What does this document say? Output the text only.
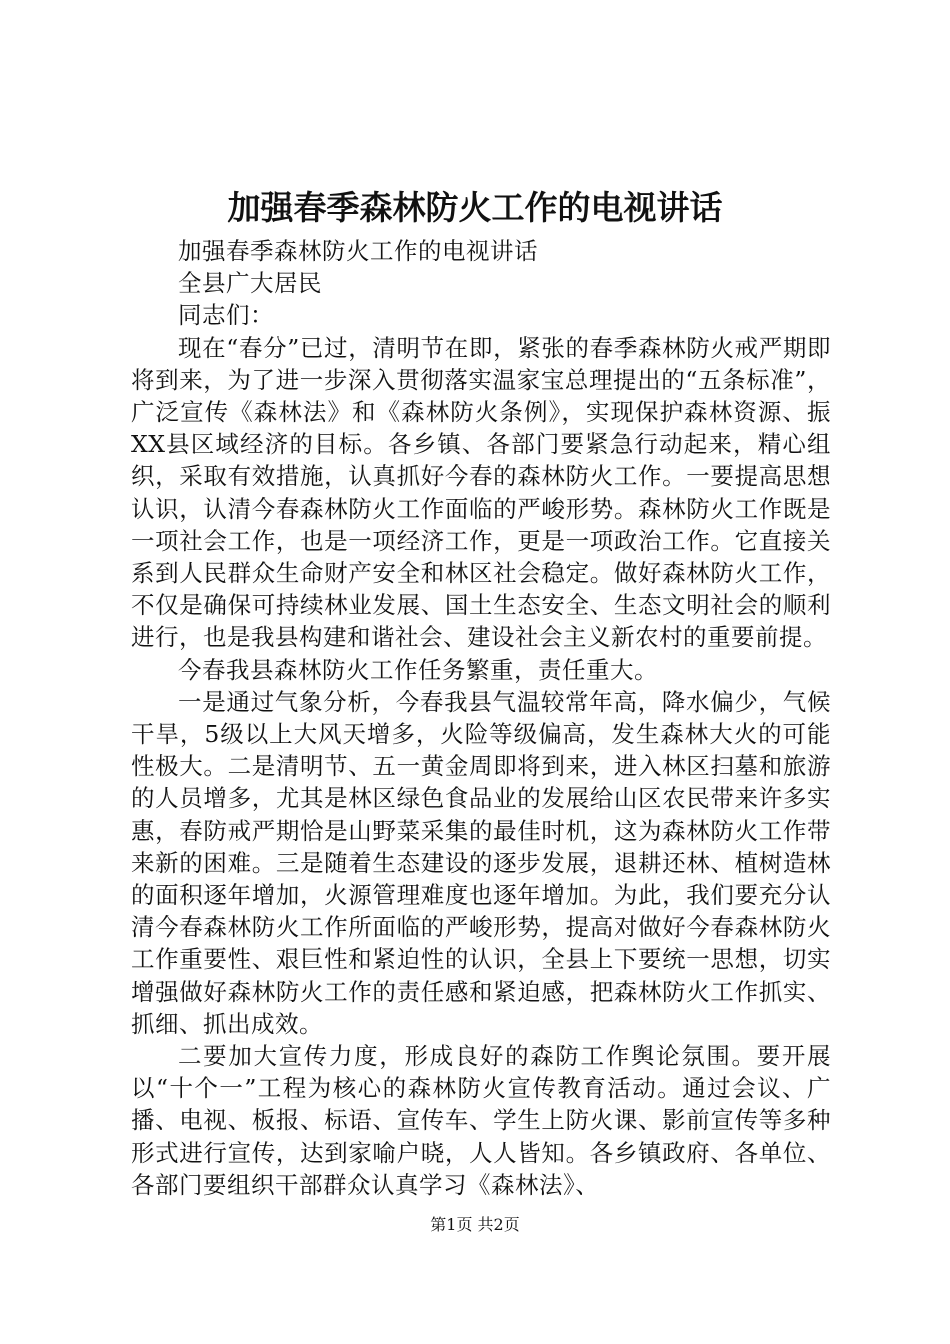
加强春季森林防火工作的电视讲话

加强春季森林防火工作的电视讲话

全县广大居民

同志们：

现在“春分”已过，清明节在即，紧张的春季森林防火戒严期即将到来，为了进一步深入贯彻落实温家宝总理提出的“五条标准”，广泛宣传《森林法》和《森林防火条例》，实现保护森林资源、振XX县区域经济的目标。各乡镇、各部门要紧急行动起来，精心组织，采取有效措施，认真抓好今春的森林防火工作。一要提高思想认识，认清今春森林防火工作面临的严峻形势。森林防火工作既是一项社会工作，也是一项经济工作，更是一项政治工作。它直接关系到人民群众生命财产安全和林区社会稳定。做好森林防火工作，不仅是确保可持续林业发展、国土生态安全、生态文明社会的顺利进行，也是我县构建和谐社会、建设社会主义新农村的重要前提。

今春我县森林防火工作任务繁重，责任重大。

一是通过气象分析，今春我县气温较常年高，降水偏少，气候干旱，5级以上大风天增多，火险等级偏高，发生森林大火的可能性极大。二是清明节、五一黄金周即将到来，进入林区扫墓和旅游的人员增多，尤其是林区绿色食品业的发展给山区农民带来许多实惠，春防戒严期恰是山野菜采集的最佳时机，这为森林防火工作带来新的困难。三是随着生态建设的逐步发展，退耕还林、植树造林的面积逐年增加，火源管理难度也逐年增加。为此，我们要充分认清今春森林防火工作所面临的严峻形势，提高对做好今春森林防火工作重要性、艰巨性和紧迫性的认识，全县上下要统一思想，切实增强做好森林防火工作的责任感和紧迫感，把森林防火工作抓实、抓细、抓出成效。

二要加大宣传力度，形成良好的森防工作舆论氛围。要开展以“十个一”工程为核心的森林防火宣传教育活动。通过会议、广播、电视、板报、标语、宣传车、学生上防火课、影前宣传等多种形式进行宣传，达到家喻户晓，人人皆知。各乡镇政府、各单位、各部门要组织干部群众认真学习《森林法》、

第1页 共2页
